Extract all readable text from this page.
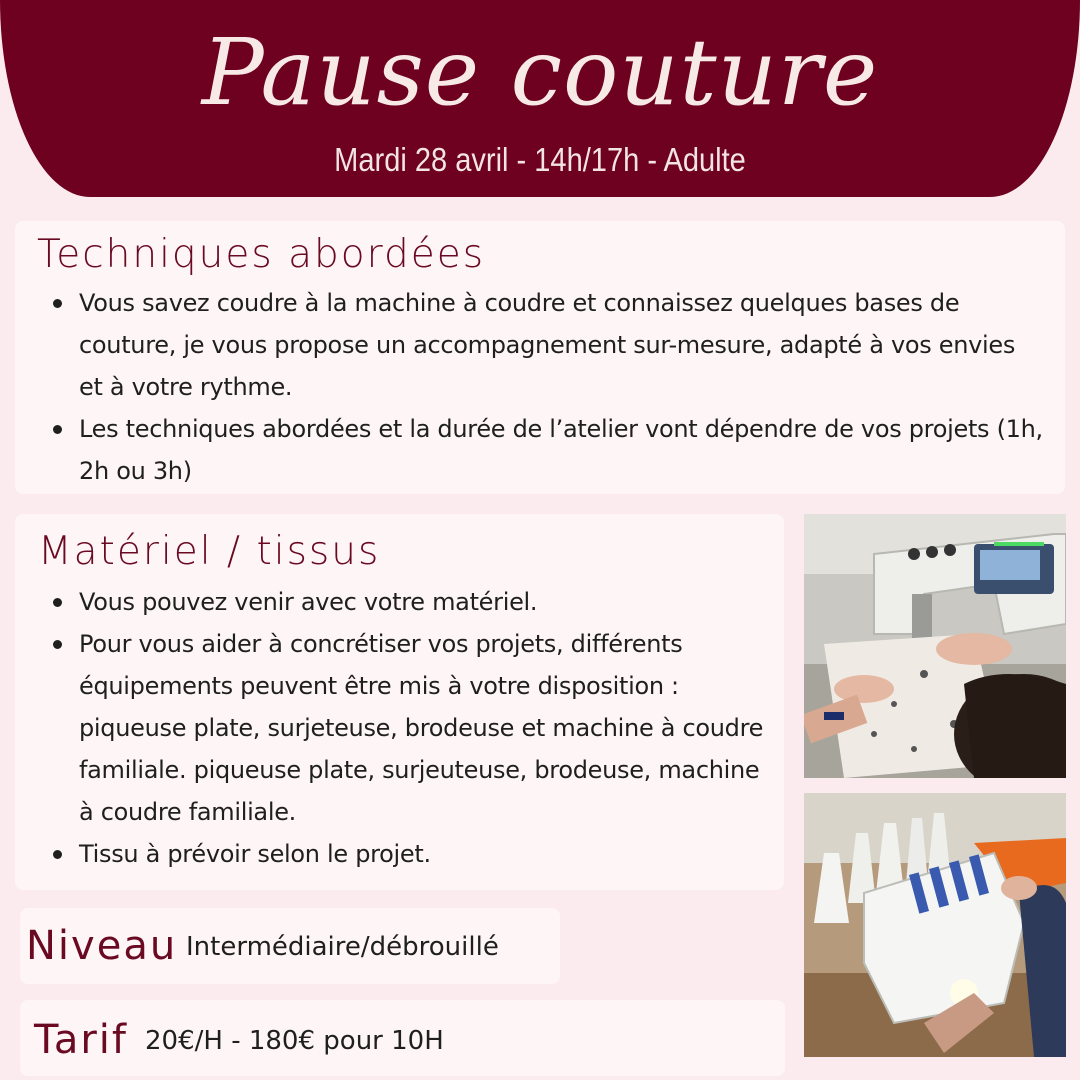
Pause couture
Mardi 28 avril - 14h/17h - Adulte
Techniques abordées
Vous savez coudre à la machine à coudre et connaissez quelques bases de couture, je vous propose un accompagnement sur-mesure, adapté à vos envies et à votre rythme.
Les techniques abordées et la durée de l’atelier vont dépendre de vos projets (1h, 2h ou 3h)
Matériel / tissus
Vous pouvez venir avec votre matériel.
Pour vous aider à concrétiser vos projets, différents équipements peuvent être mis à votre disposition : piqueuse plate, surjeteuse, brodeuse et machine à coudre familiale. piqueuse plate, surjeuteuse, brodeuse, machine à coudre familiale.
Tissu à prévoir selon le projet.
Niveau Intermédiaire/débrouillé
Tarif 20€/H - 180€ pour 10H
